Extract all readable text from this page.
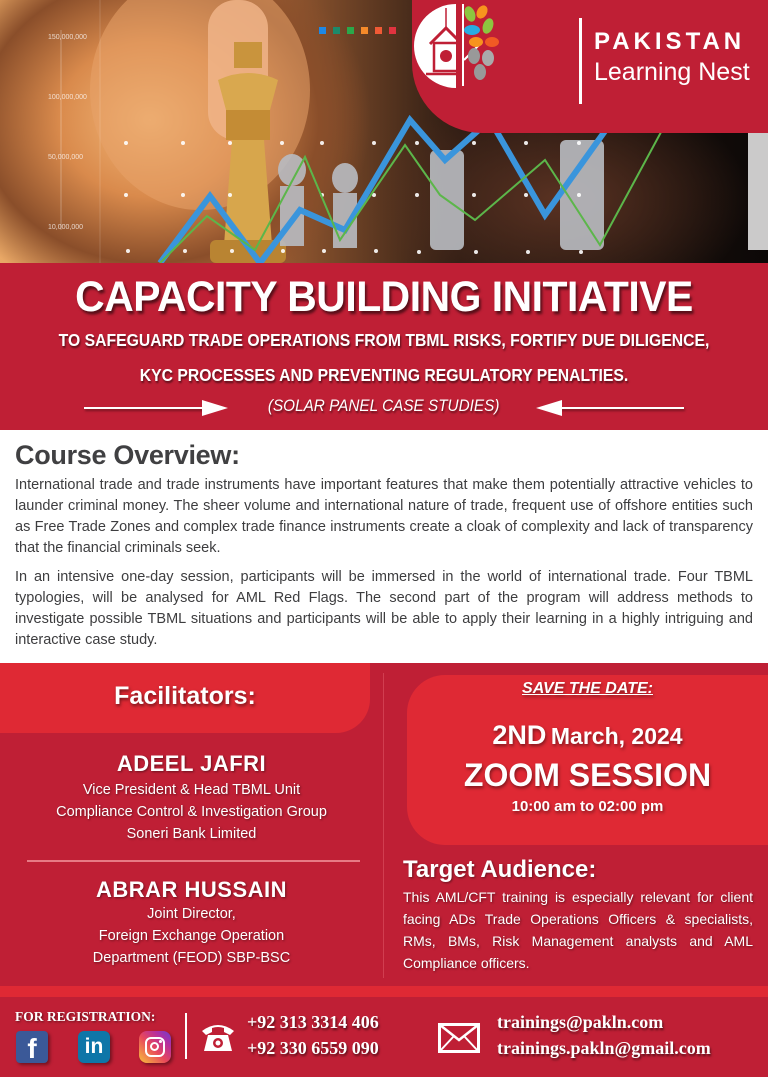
150,000,000
100,000,000
50,000,000
10,000,000
PAKISTAN
Learning Nest
CAPACITY BUILDING INITIATIVE
TO SAFEGUARD TRADE OPERATIONS FROM TBML RISKS, FORTIFY DUE DILIGENCE,
KYC PROCESSES AND PREVENTING REGULATORY PENALTIES.
(SOLAR PANEL CASE STUDIES)
Course Overview:

International trade and trade instruments have important features that make them potentially attractive vehicles to launder criminal money. The sheer volume and international nature of trade, frequent use of offshore entities such as Free Trade Zones and complex trade finance instruments create a cloak of complexity and lack of transparency that the financial criminals seek.

In an intensive one-day session, participants will be immersed in the world of international trade. Four TBML typologies, will be analysed for AML Red Flags. The second part of the program will address methods to investigate possible TBML situations and participants will be able to apply their learning in a highly intriguing and interactive case study.

Facilitators:
ADEEL JAFRI
Vice President & Head TBML Unit
Compliance Control & Investigation Group
Soneri Bank Limited
ABRAR HUSSAIN
Joint Director,
Foreign Exchange Operation
Department (FEOD) SBP-BSC
SAVE THE DATE:
2ND March, 2024
ZOOM SESSION
10:00 am to 02:00 pm
Target Audience:

This AML/CFT training is especially relevant for client facing ADs Trade Operations Officers & specialists, RMs, BMs, Risk Management analysts and AML Compliance officers.

FOR REGISTRATION:
f	in
+92 313 3314 406
+92 330 6559 090
trainings@pakln.com
trainings.pakln@gmail.com
